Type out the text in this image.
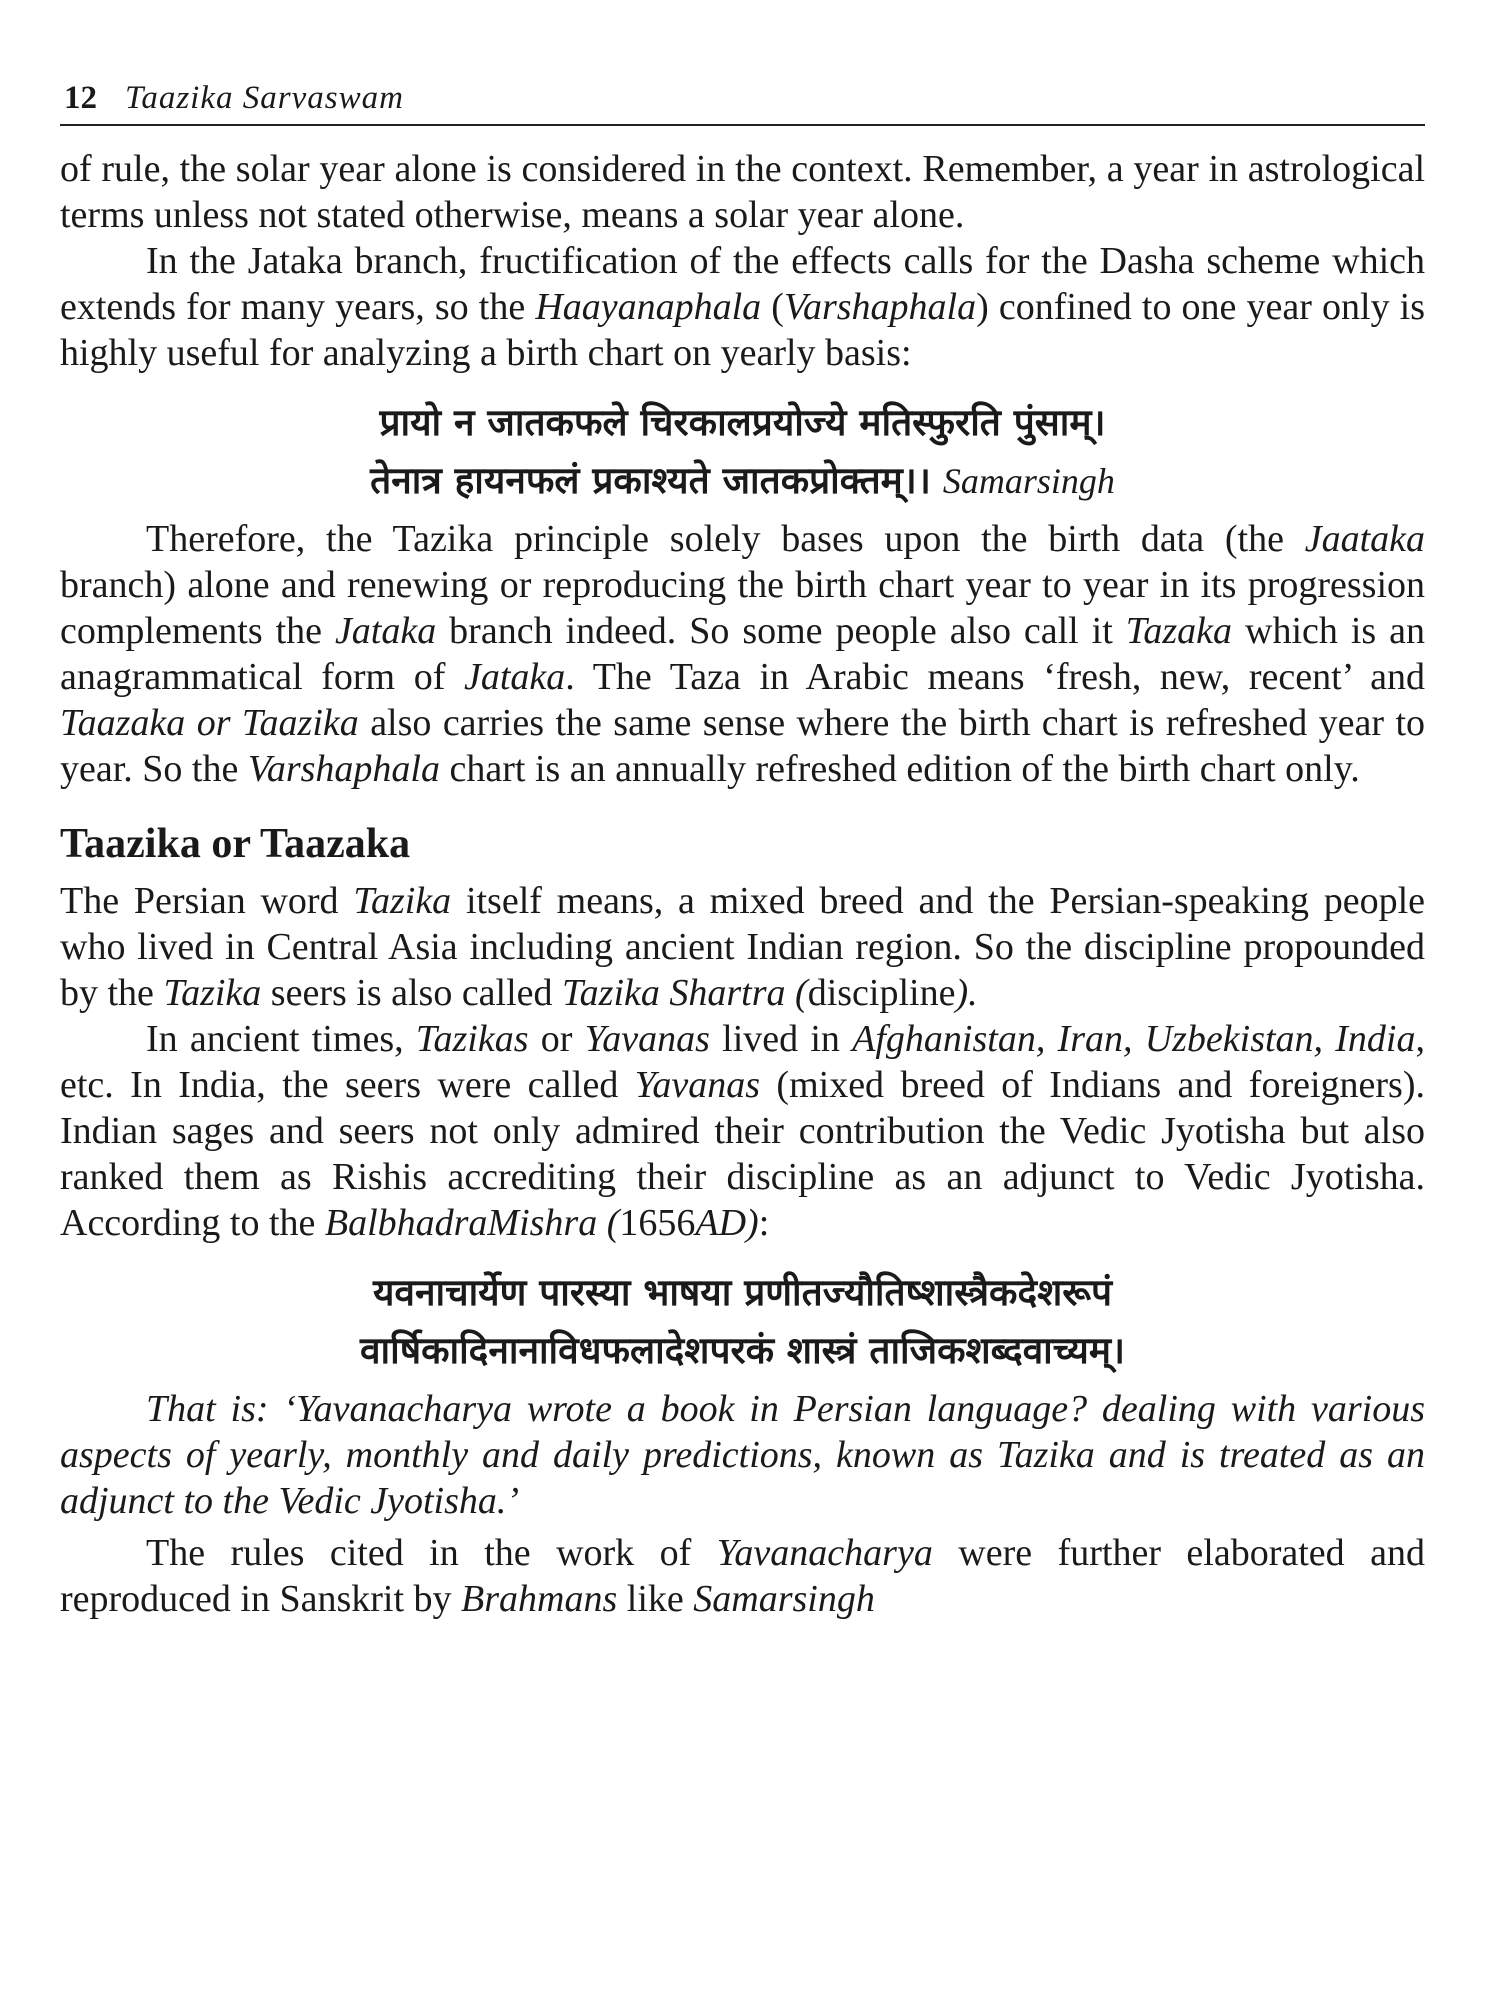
12 Taazika Sarvaswam

of rule, the solar year alone is considered in the context. Remember, a year in astrological terms unless not stated otherwise, means a solar year alone.

In the Jataka branch, fructification of the effects calls for the Dasha scheme which extends for many years, so the Haayanaphala (Varshaphala) confined to one year only is highly useful for analyzing a birth chart on yearly basis:

प्रायो न जातकफले चिरकालप्रयोज्ये मतिस्फुरति पुंसाम्।
तेनात्र हायनफलं प्रकाश्यते जातकप्रोक्तम्।। Samarsingh

Therefore, the Tazika principle solely bases upon the birth data (the Jaataka branch) alone and renewing or reproducing the birth chart year to year in its progression complements the Jataka branch indeed. So some people also call it Tazaka which is an anagrammatical form of Jataka. The Taza in Arabic means ‘fresh, new, recent’ and Taazaka or Taazika also carries the same sense where the birth chart is refreshed year to year. So the Varshaphala chart is an annually refreshed edition of the birth chart only.

Taazika or Taazaka

The Persian word Tazika itself means, a mixed breed and the Persian-speaking people who lived in Central Asia including ancient Indian region. So the discipline propounded by the Tazika seers is also called Tazika Shartra (discipline).

In ancient times, Tazikas or Yavanas lived in Afghanistan, Iran, Uzbekistan, India, etc. In India, the seers were called Yavanas (mixed breed of Indians and foreigners). Indian sages and seers not only admired their contribution the Vedic Jyotisha but also ranked them as Rishis accrediting their discipline as an adjunct to Vedic Jyotisha. According to the BalbhadraMishra (1656AD):

यवनाचार्येण पारस्या भाषया प्रणीतज्यौतिष्शास्त्रैकदेशरूपं
वार्षिकादिनानाविधफलादेशपरकं शास्त्रं ताजिकशब्दवाच्यम्।

That is: ‘Yavanacharya wrote a book in Persian language? dealing with various aspects of yearly, monthly and daily predictions, known as Tazika and is treated as an adjunct to the Vedic Jyotisha.’

The rules cited in the work of Yavanacharya were further elaborated and reproduced in Sanskrit by Brahmans like Samarsingh
